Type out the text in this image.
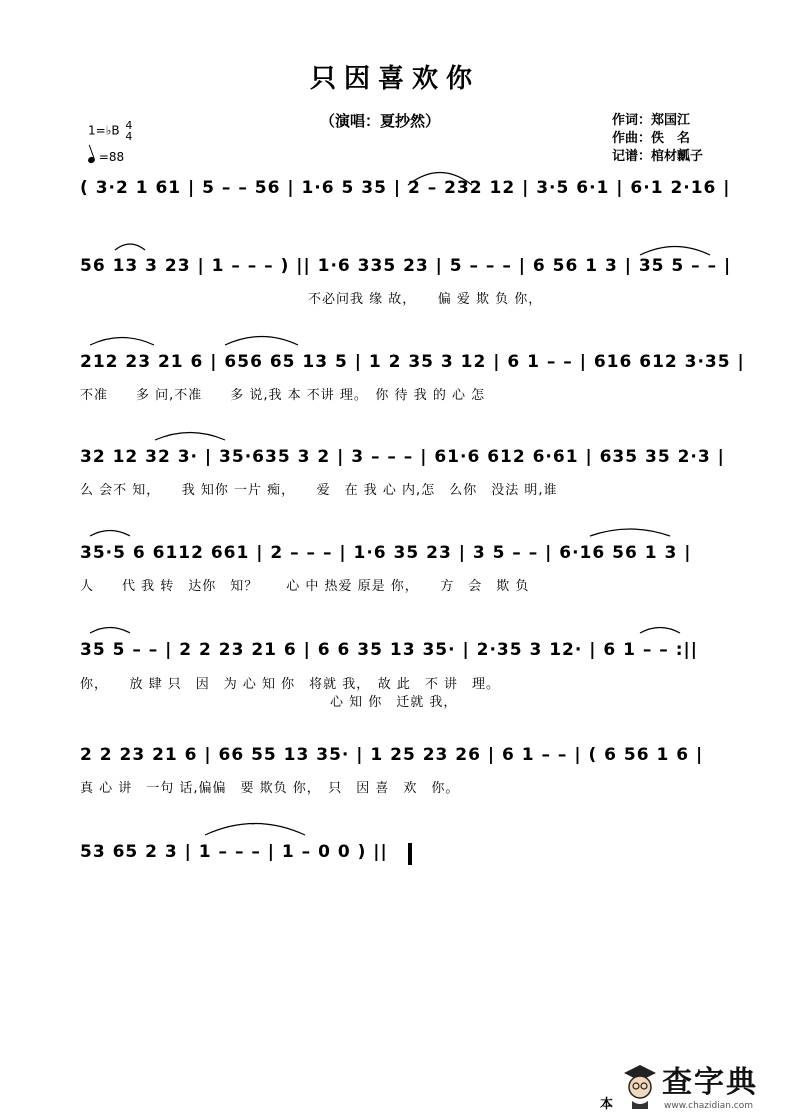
只因喜欢你
（演唱：夏抄然）	作词：郑国江
作曲：佚　名
记谱：棺材瓤子
1=♭B 4
4
=88
( 3·2 1 61 | 5 – – 56 | 1·6 5 35 | 2 – 232 12 | 3·5 6·1 | 6·1 2·16 |
56 13 3 23 | 1 – – – ) || 1·6 335 23 | 5 – – – | 6 56 1 3 | 35 5 – – |
不必问我 缘 故，　　偏 爱 欺 负 你，
212 23 21 6 | 656 65 13 5 | 1 2 35 3 12 | 6 1 – – | 616 612 3·35 |
不准　　多 问,不准　　多 说,我 本 不讲 理。　你 待 我 的 心 怎
32 12 32 3· | 35·635 3 2 | 3 – – – | 61·6 612 6·61 | 635 35 2·3 |
么 会不 知，　　我 知你 一片 痴，　　爱　在 我 心 内,怎　么你　没法 明,谁
35·5 6 6112 661 | 2 – – – | 1·6 35 23 | 3 5 – – | 6·16 56 1 3 |
人　　代 我 转　达你　知？　　心 中 热爱 原是 你，　　方　会　欺 负
35 5 – – | 2 2 23 21 6 | 6 6 35 13 35· | 2·35 3 12· | 6 1 – – :||
你，　　放 肆 只　因　为 心 知 你　将就 我，　故 此　不 讲　理。
心 知 你　迁就 我，
2 2 23 21 6 | 66 55 13 35· | 1 25 23 26 | 6 1 – – | ( 6 56 1 6 |
真 心 讲　一句 话,偏偏　要 欺负 你，　只　因 喜　欢　你。
53 65 2 3 | 1 – – – | 1 – 0 0 ) ||
本
查字典
www.chazidian.com
